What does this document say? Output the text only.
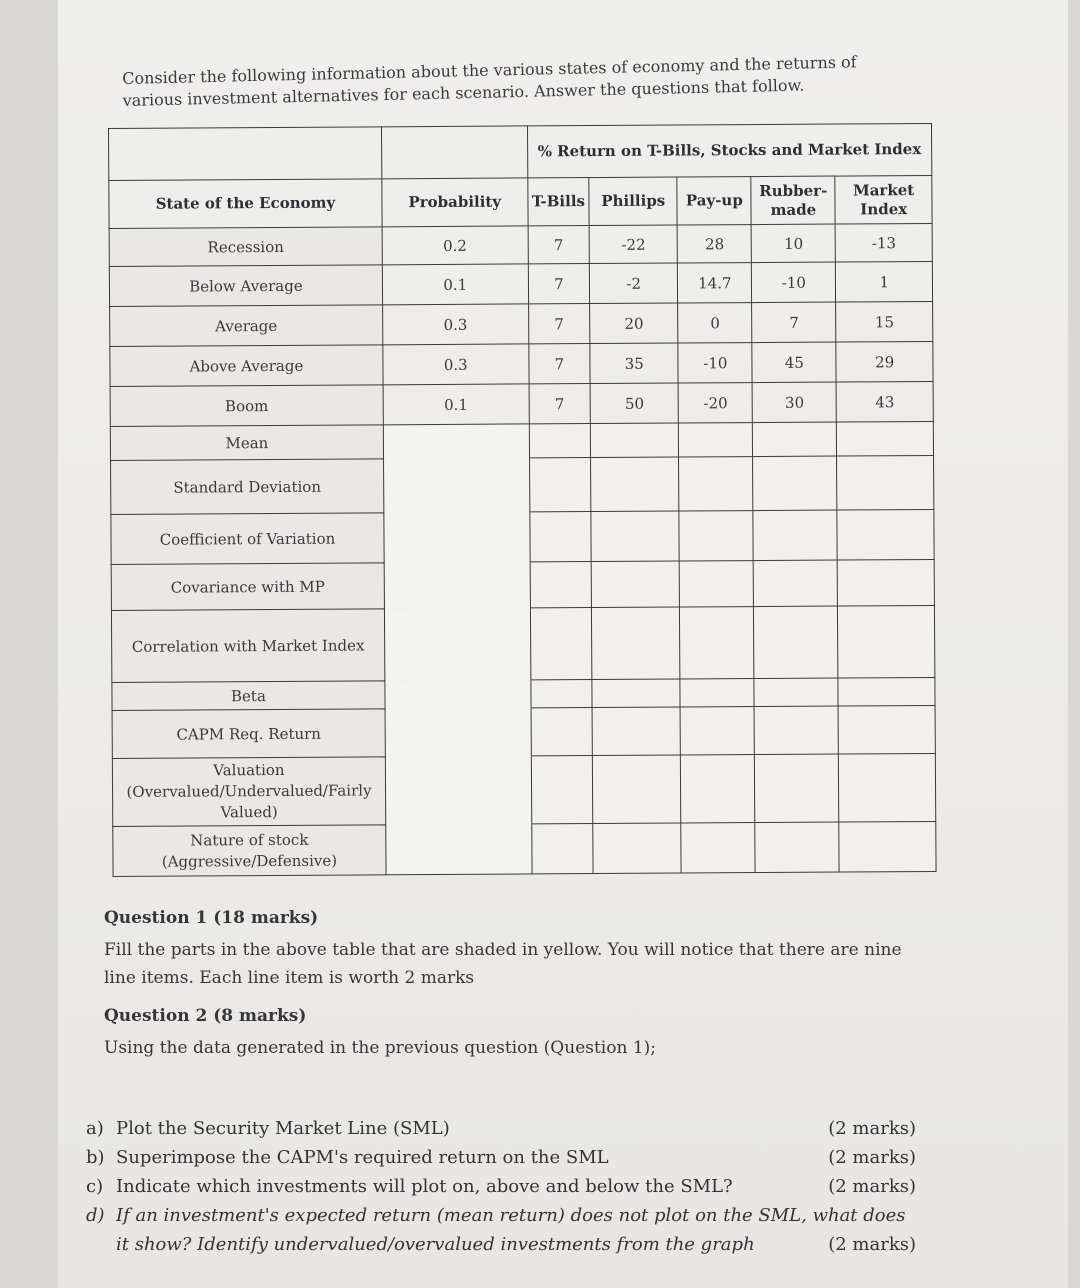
Consider the following information about the various states of economy and the returns of various investment alternatives for each scenario. Answer the questions that follow.

		% Return on T-Bills, Stocks and Market Index				
State of the Economy	Probability	T-Bills	Phillips	Pay-up	Rubber-made	Market Index
Recession	0.2	7	-22	28	10	-13
Below Average	0.1	7	-2	14.7	-10	1
Average	0.3	7	20	0	7	15
Above Average	0.3	7	35	-10	45	29
Boom	0.1	7	50	-20	30	43
Mean						
Standard Deviation						
Coefficient of Variation						
Covariance with MP						
Correlation with Market Index						
Beta						
CAPM Req. Return						
Valuation (Overvalued/Undervalued/Fairly Valued)						
Nature of stock (Aggressive/Defensive)						

Question 1 (18 marks)

Fill the parts in the above table that are shaded in yellow. You will notice that there are nine line items. Each line item is worth 2 marks

Question 2 (8 marks)

Using the data generated in the previous question (Question 1);

a) Plot the Security Market Line (SML)	(2 marks)
b) Superimpose the CAPM's required return on the SML	(2 marks)
c) Indicate which investments will plot on, above and below the SML?	(2 marks)
d) If an investment's expected return (mean return) does not plot on the SML, what does
it show? Identify undervalued/overvalued investments from the graph	(2 marks)
